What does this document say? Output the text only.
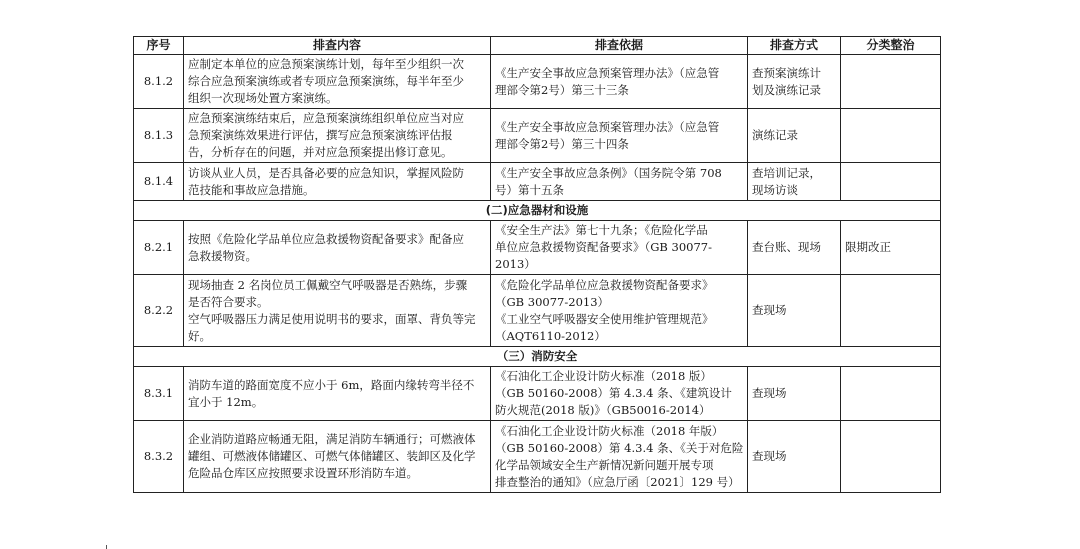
序号	排查内容	排查依据	排查方式	分类整治
8.1.2	应制定本单位的应急预案演练计划，每年至少组织一次
综合应急预案演练或者专项应急预案演练，每半年至少
组织一次现场处置方案演练。	《生产安全事故应急预案管理办法》（应急管
理部令第2号）第三十三条	查预案演练计
划及演练记录	

8.1.3	应急预案演练结束后，应急预案演练组织单位应当对应
急预案演练效果进行评估，撰写应急预案演练评估报
告，分析存在的问题，并对应急预案提出修订意见。	《生产安全事故应急预案管理办法》（应急管
理部令第2号）第三十四条	演练记录	

8.1.4	访谈从业人员，是否具备必要的应急知识，掌握风险防
范技能和事故应急措施。	《生产安全事故应急条例》（国务院令第 708
号）第十五条	查培训记录，
现场访谈	

(二)应急器材和设施				
8.2.1	按照《危险化学品单位应急救援物资配备要求》配备应
急救援物资。	《安全生产法》第七十九条；《危险化学品
单位应急救援物资配备要求》（GB 30077-
2013）	查台账、现场	限期改正
8.2.2	现场抽查 2 名岗位员工佩戴空气呼吸器是否熟练，步骤
是否符合要求。
空气呼吸器压力满足使用说明书的要求，面罩、背负等完
好。	《危险化学品单位应急救援物资配备要求》
（GB 30077-2013）
《工业空气呼吸器安全使用维护管理规范》
（AQT6110-2012）	查现场	

（三）消防安全				
8.3.1	消防车道的路面宽度不应小于 6m，路面内缘转弯半径不
宜小于 12m。	《石油化工企业设计防火标准（2018 版）
（GB 50160-2008）第 4.3.4 条、《建筑设计
防火规范(2018 版)》（GB50016-2014）	查现场	

8.3.2	企业消防道路应畅通无阻，满足消防车辆通行；可燃液体
罐组、可燃液体储罐区、可燃气体储罐区、装卸区及化学
危险品仓库区应按照要求设置环形消防车道。	《石油化工企业设计防火标准（2018 年版）
（GB 50160-2008）第 4.3.4 条、《关于对危险
化学品领域安全生产新情况新问题开展专项
排查整治的通知》（应急厅函〔2021〕129 号）	查现场	
